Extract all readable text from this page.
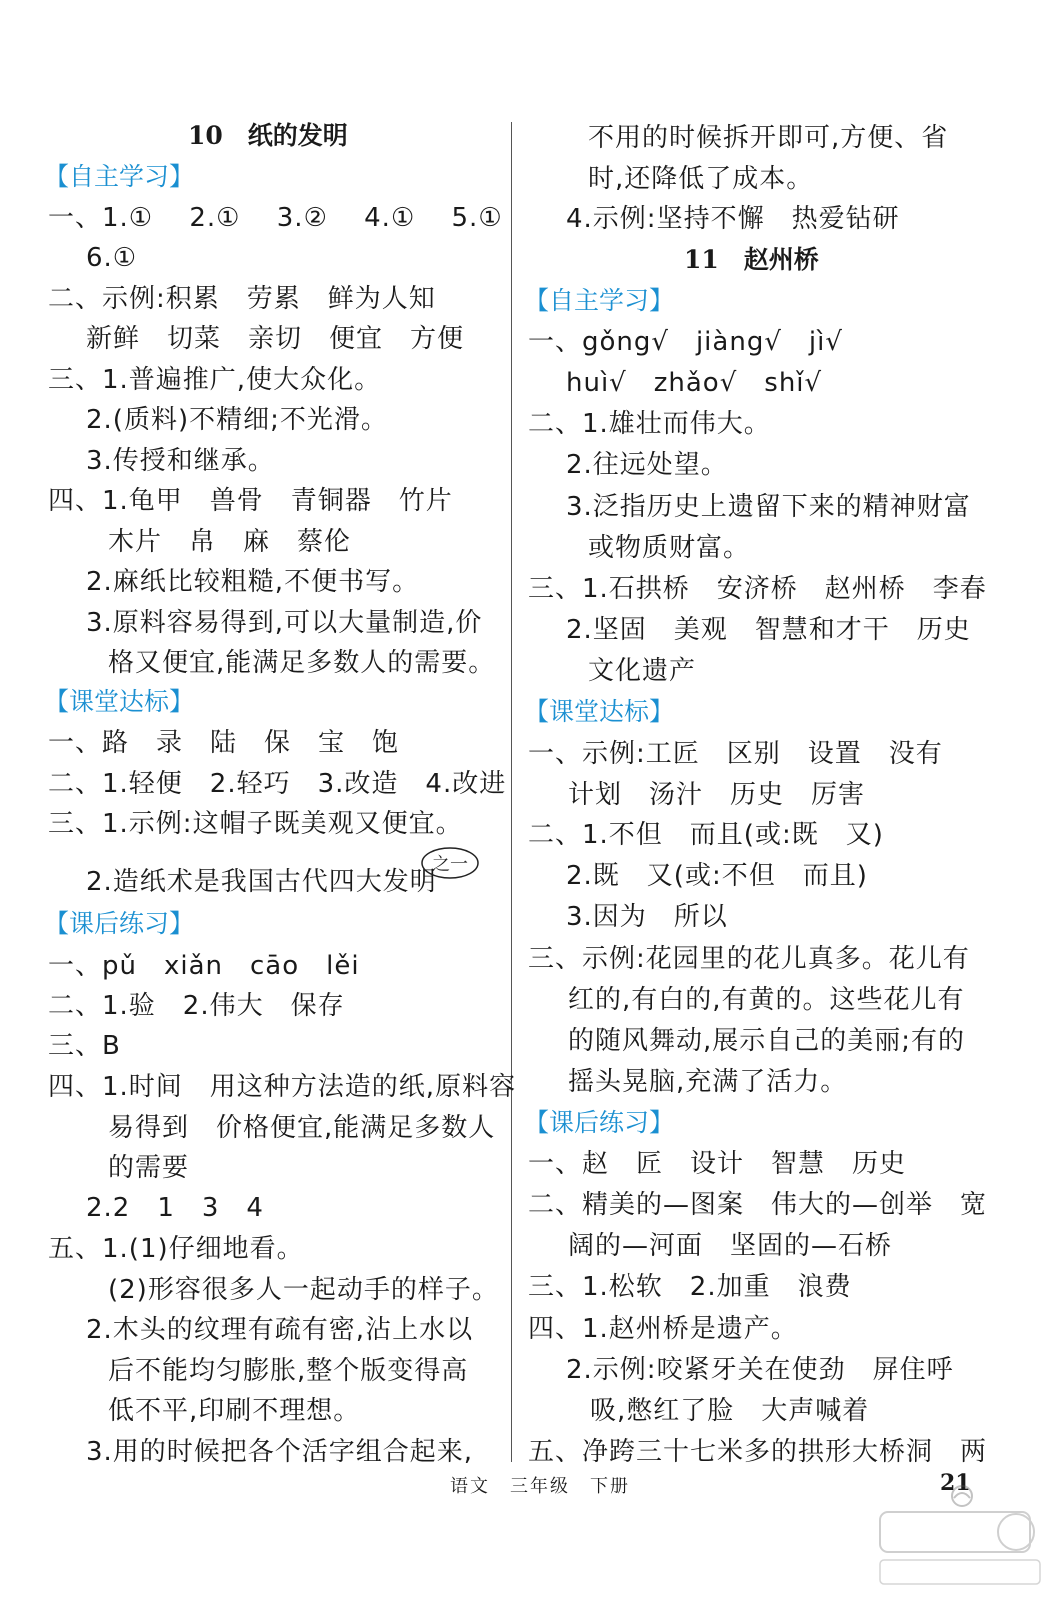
10　纸的发明
【自主学习】
一、1.①　 2.①　 3.②　 4.①　 5.①
6.①
二、示例:积累　劳累　鲜为人知
新鲜　切菜　亲切　便宜　方便
三、1.普遍推广,使大众化。
2.(质料)不精细;不光滑。
3.传授和继承。
四、1.龟甲　兽骨　青铜器　竹片
木片　帛　麻　蔡伦
2.麻纸比较粗糙,不便书写。
3.原料容易得到,可以大量制造,价
格又便宜,能满足多数人的需要。
【课堂达标】
一、路　录　陆　保　宝　饱
二、1.轻便　2.轻巧　3.改造　4.改进
三、1.示例:这帽子既美观又便宜。
2.造纸术是我国古代四大发明
之一
【课后练习】
一、pǔ　xiǎn　cāo　lěi
二、1.验　2.伟大　保存
三、B
四、1.时间　用这种方法造的纸,原料容
易得到　价格便宜,能满足多数人
的需要
2.2　1　3　4
五、1.(1)仔细地看。
(2)形容很多人一起动手的样子。
2.木头的纹理有疏有密,沾上水以
后不能均匀膨胀,整个版变得高
低不平,印刷不理想。
3.用的时候把各个活字组合起来,
不用的时候拆开即可,方便、省
时,还降低了成本。
4.示例:坚持不懈　热爱钻研
11　赵州桥
【自主学习】
一、gǒng√　jiàng√　jì√
huì√　zhǎo√　shǐ√
二、1.雄壮而伟大。
2.往远处望。
3.泛指历史上遗留下来的精神财富
或物质财富。
三、1.石拱桥　安济桥　赵州桥　李春
2.坚固　美观　智慧和才干　历史
文化遗产
【课堂达标】
一、示例:工匠　区别　设置　没有
计划　汤汁　历史　厉害
二、1.不但　而且(或:既　又)
2.既　又(或:不但　而且)
3.因为　所以
三、示例:花园里的花儿真多。花儿有
红的,有白的,有黄的。这些花儿有
的随风舞动,展示自己的美丽;有的
摇头晃脑,充满了活力。
【课后练习】
一、赵　匠　设计　智慧　历史
二、精美的—图案　伟大的—创举　宽
阔的—河面　坚固的—石桥
三、1.松软　2.加重　浪费
四、1.赵州桥是遗产。
2.示例:咬紧牙关在使劲　屏住呼
吸,憋红了脸　大声喊着
五、净跨三十七米多的拱形大桥洞　两
语文　三年级　下册	21
